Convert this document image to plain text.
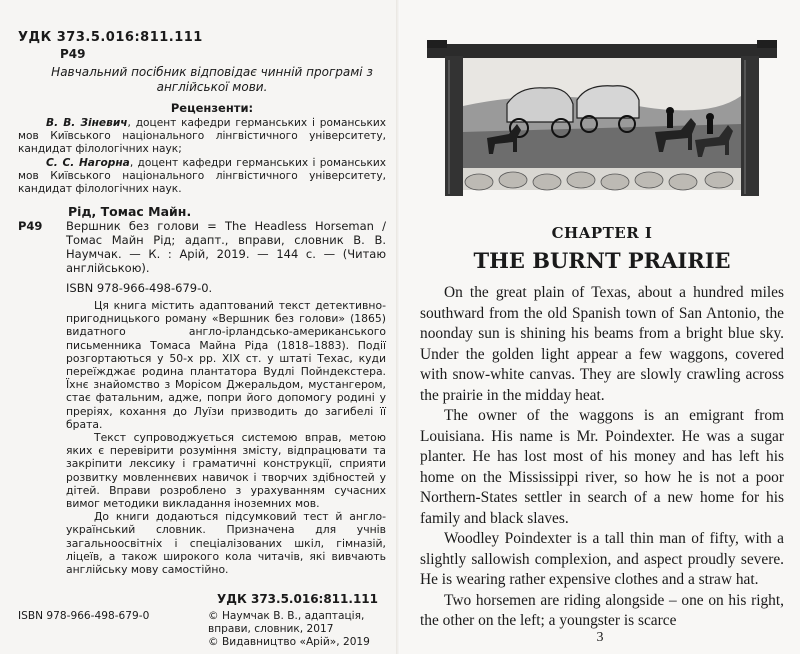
УДК 373.5.016:811.111
Р49
Навчальний посібник відповідає чинній програмі з англійської мови.
Рецензенти:

В. В. Зіневич, доцент кафедри германських і романських мов Київського національного лінгвістичного університету, кандидат філологічних наук;

С. С. Нагорна, доцент кафедри германських і романських мов Київського національного лінгвістичного університету, кандидат філологічних наук.

Рід, Томас Майн.
Р49	Вершник без голови = The Headless Horseman / Томас Майн Рід; адапт., вправи, словник В. В. Наумчак. — К. : Арій, 2019. — 144 с. — (Читаю англійською).
ISBN 978-966-498-679-0.

Ця книга містить адаптований текст детективно-пригодницького роману «Вершник без голови» (1865) видатного англо-ірландсько-американського письменника Томаса Майна Ріда (1818–1883). Події розгортаються у 50-х рр. XIX ст. у штаті Техас, куди переїжджає родина плантатора Вудлі Пойндекстера. Їхнє знайомство з Морісом Джеральдом, мустангером, стає фатальним, адже, попри його допомогу родині у преріях, кохання до Луїзи призводить до загибелі її брата.

Текст супроводжується системою вправ, метою яких є перевірити розуміння змісту, відпрацювати та закріпити лексику і граматичні конструкції, сприяти розвитку мовленнєвих навичок і творчих здібностей у дітей. Вправи розроблено з урахуванням сучасних вимог методики викладання іноземних мов.

До книги додаються підсумковий тест й англо-український словник. Призначена для учнів загальноосвітніх і спеціалізованих шкіл, гімназій, ліцеїв, а також широкого кола читачів, які вивчають англійську мову самостійно.

УДК 373.5.016:811.111
ISBN 978-966-498-679-0	© Наумчак В. В., адаптація, вправи, словник, 2017
© Видавництво «Арій», 2019
CHAPTER I
THE BURNT PRAIRIE

On the great plain of Texas, about a hundred miles southward from the old Spanish town of San Antonio, the noonday sun is shining his beams from a bright blue sky. Under the golden light appear a few waggons, covered with snow-white canvas. They are slowly crawling across the prairie in the midday heat.

The owner of the waggons is an emigrant from Louisiana. His name is Mr. Poindexter. He was a sugar planter. He has lost most of his money and has left his home on the Mississippi river, so how he is not a poor Northern-States settler in search of a new home for his family and black slaves.

Woodley Poindexter is a tall thin man of fifty, with a slightly sallowish complexion, and aspect proudly severe. He is wearing rather expensive clothes and a straw hat.

Two horsemen are riding alongside – one on his right, the other on the left; a youngster is scarce

3
